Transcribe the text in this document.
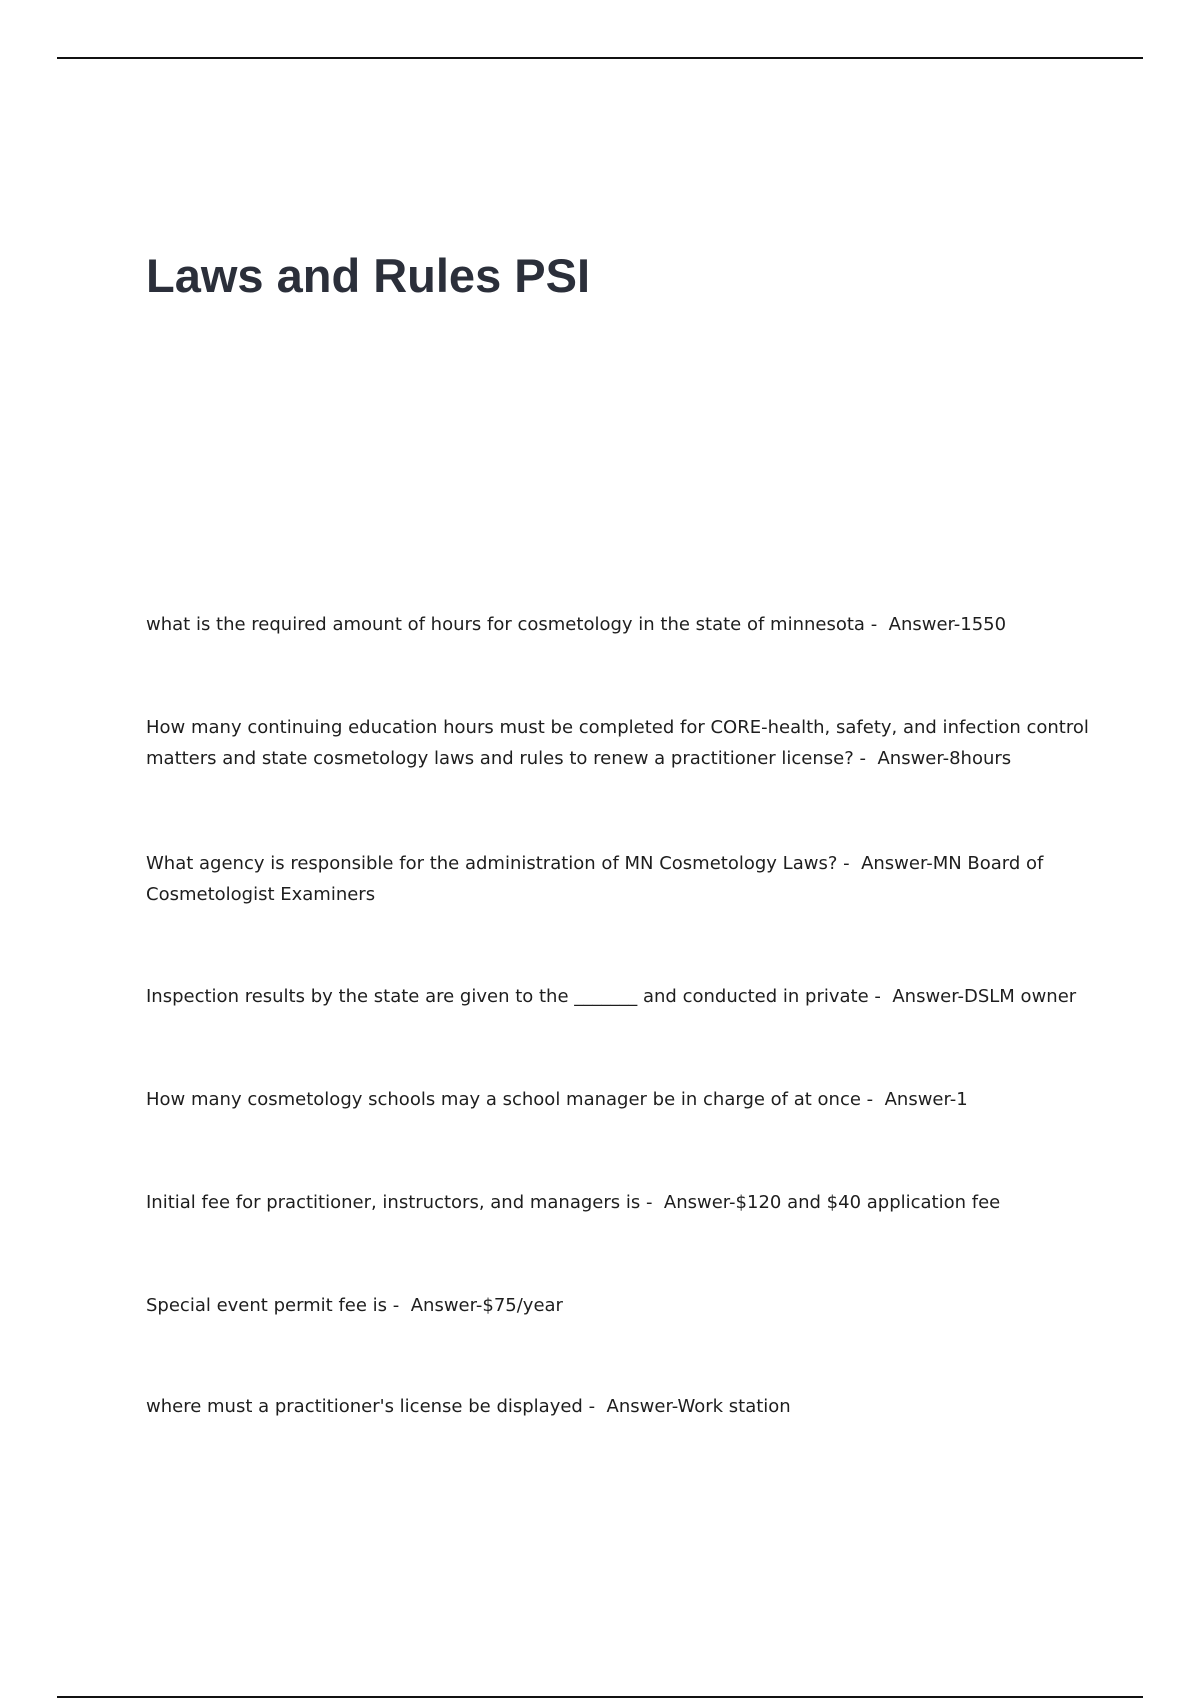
Laws and Rules PSI

what is the required amount of hours for cosmetology in the state of minnesota -  Answer-1550

How many continuing education hours must be completed for CORE-health, safety, and infection control matters and state cosmetology laws and rules to renew a practitioner license? -  Answer-8hours

What agency is responsible for the administration of MN Cosmetology Laws? -  Answer-MN Board of Cosmetologist Examiners

Inspection results by the state are given to the _______ and conducted in private -  Answer-DSLM owner

How many cosmetology schools may a school manager be in charge of at once -  Answer-1

Initial fee for practitioner, instructors, and managers is -  Answer-$120 and $40 application fee

Special event permit fee is -  Answer-$75/year

where must a practitioner's license be displayed -  Answer-Work station
